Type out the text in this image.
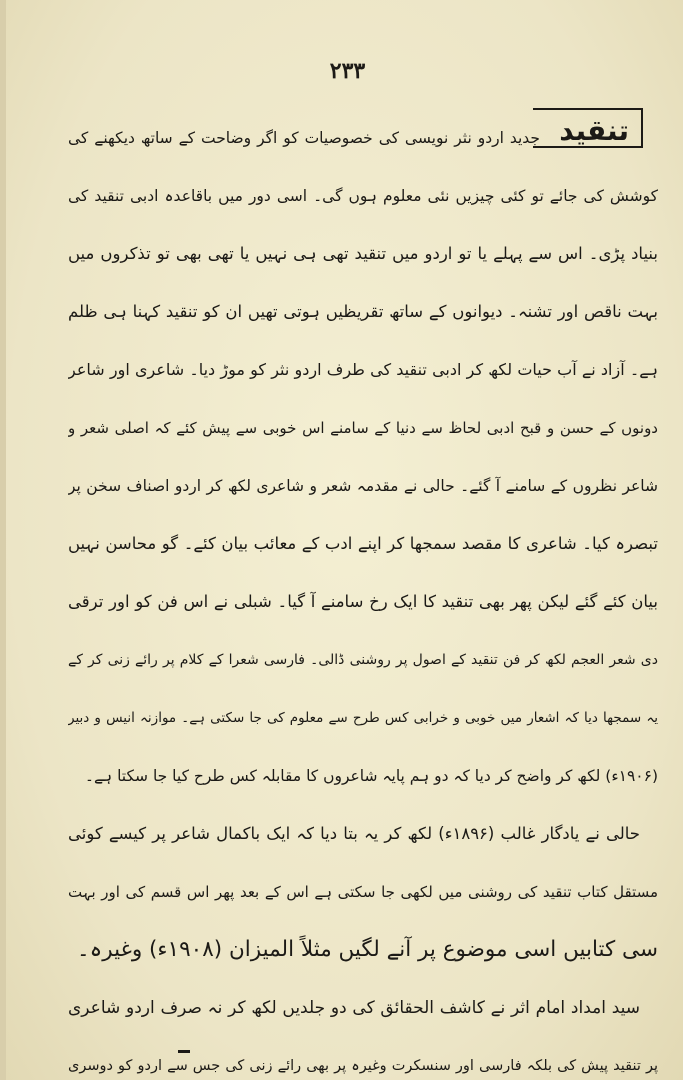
۲۳۳
تنقید
جدید اردو نثر نویسی کی خصوصیات کو اگر وضاحت کے ساتھ دیکھنے کی
کوشش کی جائے تو کئی چیزیں نئی معلوم ہوں گی۔ اسی دور میں باقاعدہ ادبی تنقید کی
بنیاد پڑی۔ اس سے پہلے یا تو اردو میں تنقید تھی ہی نہیں یا تھی بھی تو تذکروں میں
بہت ناقص اور تشنہ۔ دیوانوں کے ساتھ تقریظیں ہوتی تھیں ان کو تنقید کہنا ہی ظلم
ہے۔ آزاد نے آب حیات لکھ کر ادبی تنقید کی طرف اردو نثر کو موڑ دیا۔ شاعری اور شاعر
دونوں کے حسن و قبح ادبی لحاظ سے دنیا کے سامنے اس خوبی سے پیش کئے کہ اصلی شعر و
شاعر نظروں کے سامنے آ گئے۔ حالی نے مقدمہ شعر و شاعری لکھ کر اردو اصناف سخن پر
تبصرہ کیا۔ شاعری کا مقصد سمجھا کر اپنے ادب کے معائب بیان کئے۔ گو محاسن نہیں
بیان کئے گئے لیکن پھر بھی تنقید کا ایک رخ سامنے آ گیا۔ شبلی نے اس فن کو اور ترقی
دی شعر العجم لکھ کر فن تنقید کے اصول پر روشنی ڈالی۔ فارسی شعرا کے کلام پر رائے زنی کر کے
یہ سمجھا دیا کہ اشعار میں خوبی و خرابی کس طرح سے معلوم کی جا سکتی ہے۔ موازنہ انیس و دبیر
(۱۹۰۶ء) لکھ کر واضح کر دیا کہ دو ہم پایہ شاعروں کا مقابلہ کس طرح کیا جا سکتا ہے۔
حالی نے یادگار غالب (۱۸۹۶ء) لکھ کر یہ بتا دیا کہ ایک باکمال شاعر پر کیسے کوئی
مستقل کتاب تنقید کی روشنی میں لکھی جا سکتی ہے اس کے بعد پھر اس قسم کی اور بہت
سی کتابیں اسی موضوع پر آنے لگیں مثلاً المیزان (۱۹۰۸ء) وغیرہ۔
سید امداد امام اثر نے کاشف الحقائق کی دو جلدیں لکھ کر نہ صرف اردو شاعری
پر تنقید پیش کی بلکہ فارسی اور سنسکرت وغیرہ پر بھی رائے زنی کی جس سے اردو کو دوسری
